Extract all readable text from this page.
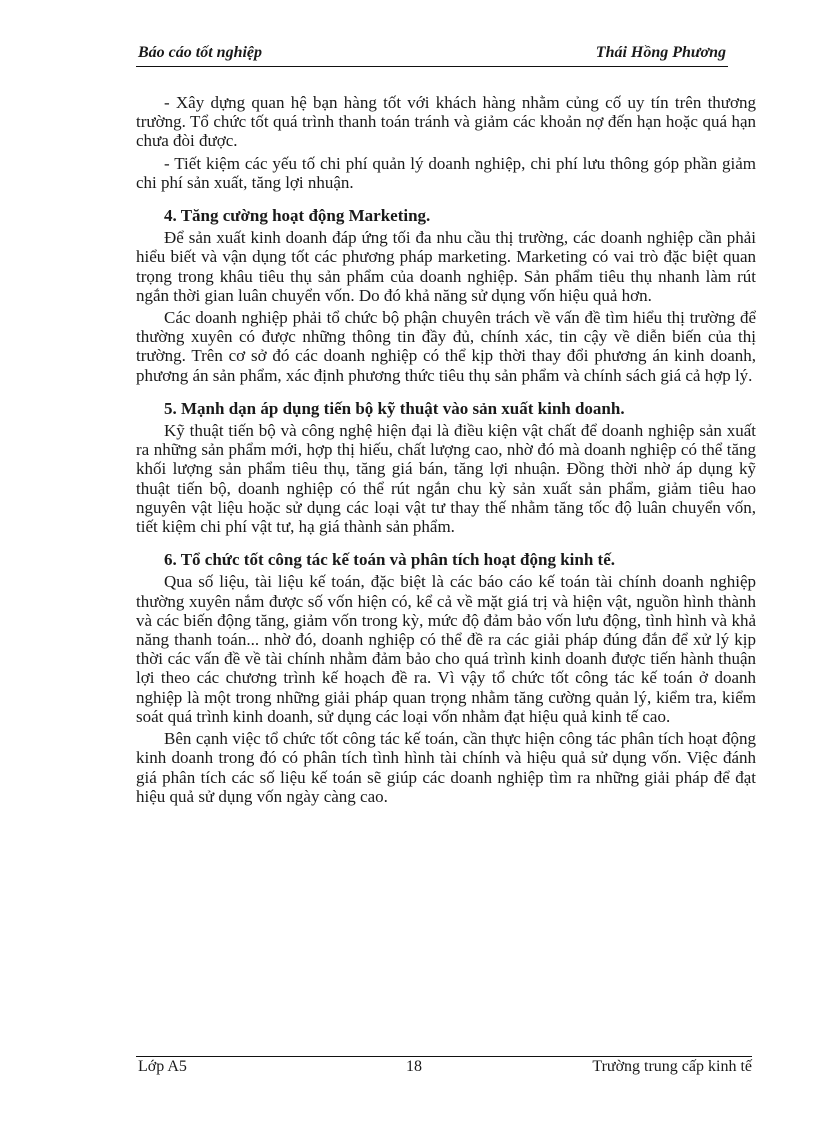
Báo cáo tốt nghiệp	Thái Hồng Phương

- Xây dựng quan hệ bạn hàng tốt với khách hàng nhằm củng cố uy tín trên thương trường. Tổ chức tốt quá trình thanh toán tránh và giảm các khoản nợ đến hạn hoặc quá hạn chưa đòi được.

- Tiết kiệm các yếu tố chi phí quản lý doanh nghiệp, chi phí lưu thông góp phần giảm chi phí sản xuất, tăng lợi nhuận.

4. Tăng cường hoạt động Marketing.

Để sản xuất kinh doanh đáp ứng tối đa nhu cầu thị trường, các doanh nghiệp cần phải hiểu biết và vận dụng tốt các phương pháp marketing. Marketing có vai trò đặc biệt quan trọng trong khâu tiêu thụ sản phẩm của doanh nghiệp. Sản phẩm tiêu thụ nhanh làm rút ngắn thời gian luân chuyển vốn. Do đó khả năng sử dụng vốn hiệu quả hơn.

Các doanh nghiệp phải tổ chức bộ phận chuyên trách về vấn đề tìm hiểu thị trường để thường xuyên có được những thông tin đầy đủ, chính xác, tin cậy về diễn biến của thị trường. Trên cơ sở đó các doanh nghiệp có thể kịp thời thay đổi phương án kinh doanh, phương án sản phẩm, xác định phương thức tiêu thụ sản phẩm và chính sách giá cả hợp lý.

5. Mạnh dạn áp dụng tiến bộ kỹ thuật vào sản xuất kinh doanh.

Kỹ thuật tiến bộ và công nghệ hiện đại là điều kiện vật chất để doanh nghiệp sản xuất ra những sản phẩm mới, hợp thị hiếu, chất lượng cao, nhờ đó mà doanh nghiệp có thể tăng khối lượng sản phẩm tiêu thụ, tăng giá bán, tăng lợi nhuận. Đồng thời nhờ áp dụng kỹ thuật tiến bộ, doanh nghiệp có thể rút ngắn chu kỳ sản xuất sản phẩm, giảm tiêu hao nguyên vật liệu hoặc sử dụng các loại vật tư thay thế nhằm tăng tốc độ luân chuyển vốn, tiết kiệm chi phí vật tư, hạ giá thành sản phẩm.

6. Tổ chức tốt công tác kế toán và phân tích hoạt động kinh tế.

Qua số liệu, tài liệu kế toán, đặc biệt là các báo cáo kế toán tài chính doanh nghiệp thường xuyên nắm được số vốn hiện có, kể cả về mặt giá trị và hiện vật, nguồn hình thành và các biến động tăng, giảm vốn trong kỳ, mức độ đảm bảo vốn lưu động, tình hình và khả năng thanh toán... nhờ đó, doanh nghiệp có thể đề ra các giải pháp đúng đắn để xử lý kịp thời các vấn đề về tài chính nhằm đảm bảo cho quá trình kinh doanh được tiến hành thuận lợi theo các chương trình kế hoạch đề ra. Vì vậy tổ chức tốt công tác kế toán ở doanh nghiệp là một trong những giải pháp quan trọng nhằm tăng cường quản lý, kiểm tra, kiểm soát quá trình kinh doanh, sử dụng các loại vốn nhằm đạt hiệu quả kinh tế cao.

Bên cạnh việc tổ chức tốt công tác kế toán, cần thực hiện công tác phân tích hoạt động kinh doanh trong đó có phân tích tình hình tài chính và hiệu quả sử dụng vốn. Việc đánh giá phân tích các số liệu kế toán sẽ giúp các doanh nghiệp tìm ra những giải pháp để đạt hiệu quả sử dụng vốn ngày càng cao.

Lớp A5	18	Trường trung cấp kinh tế
